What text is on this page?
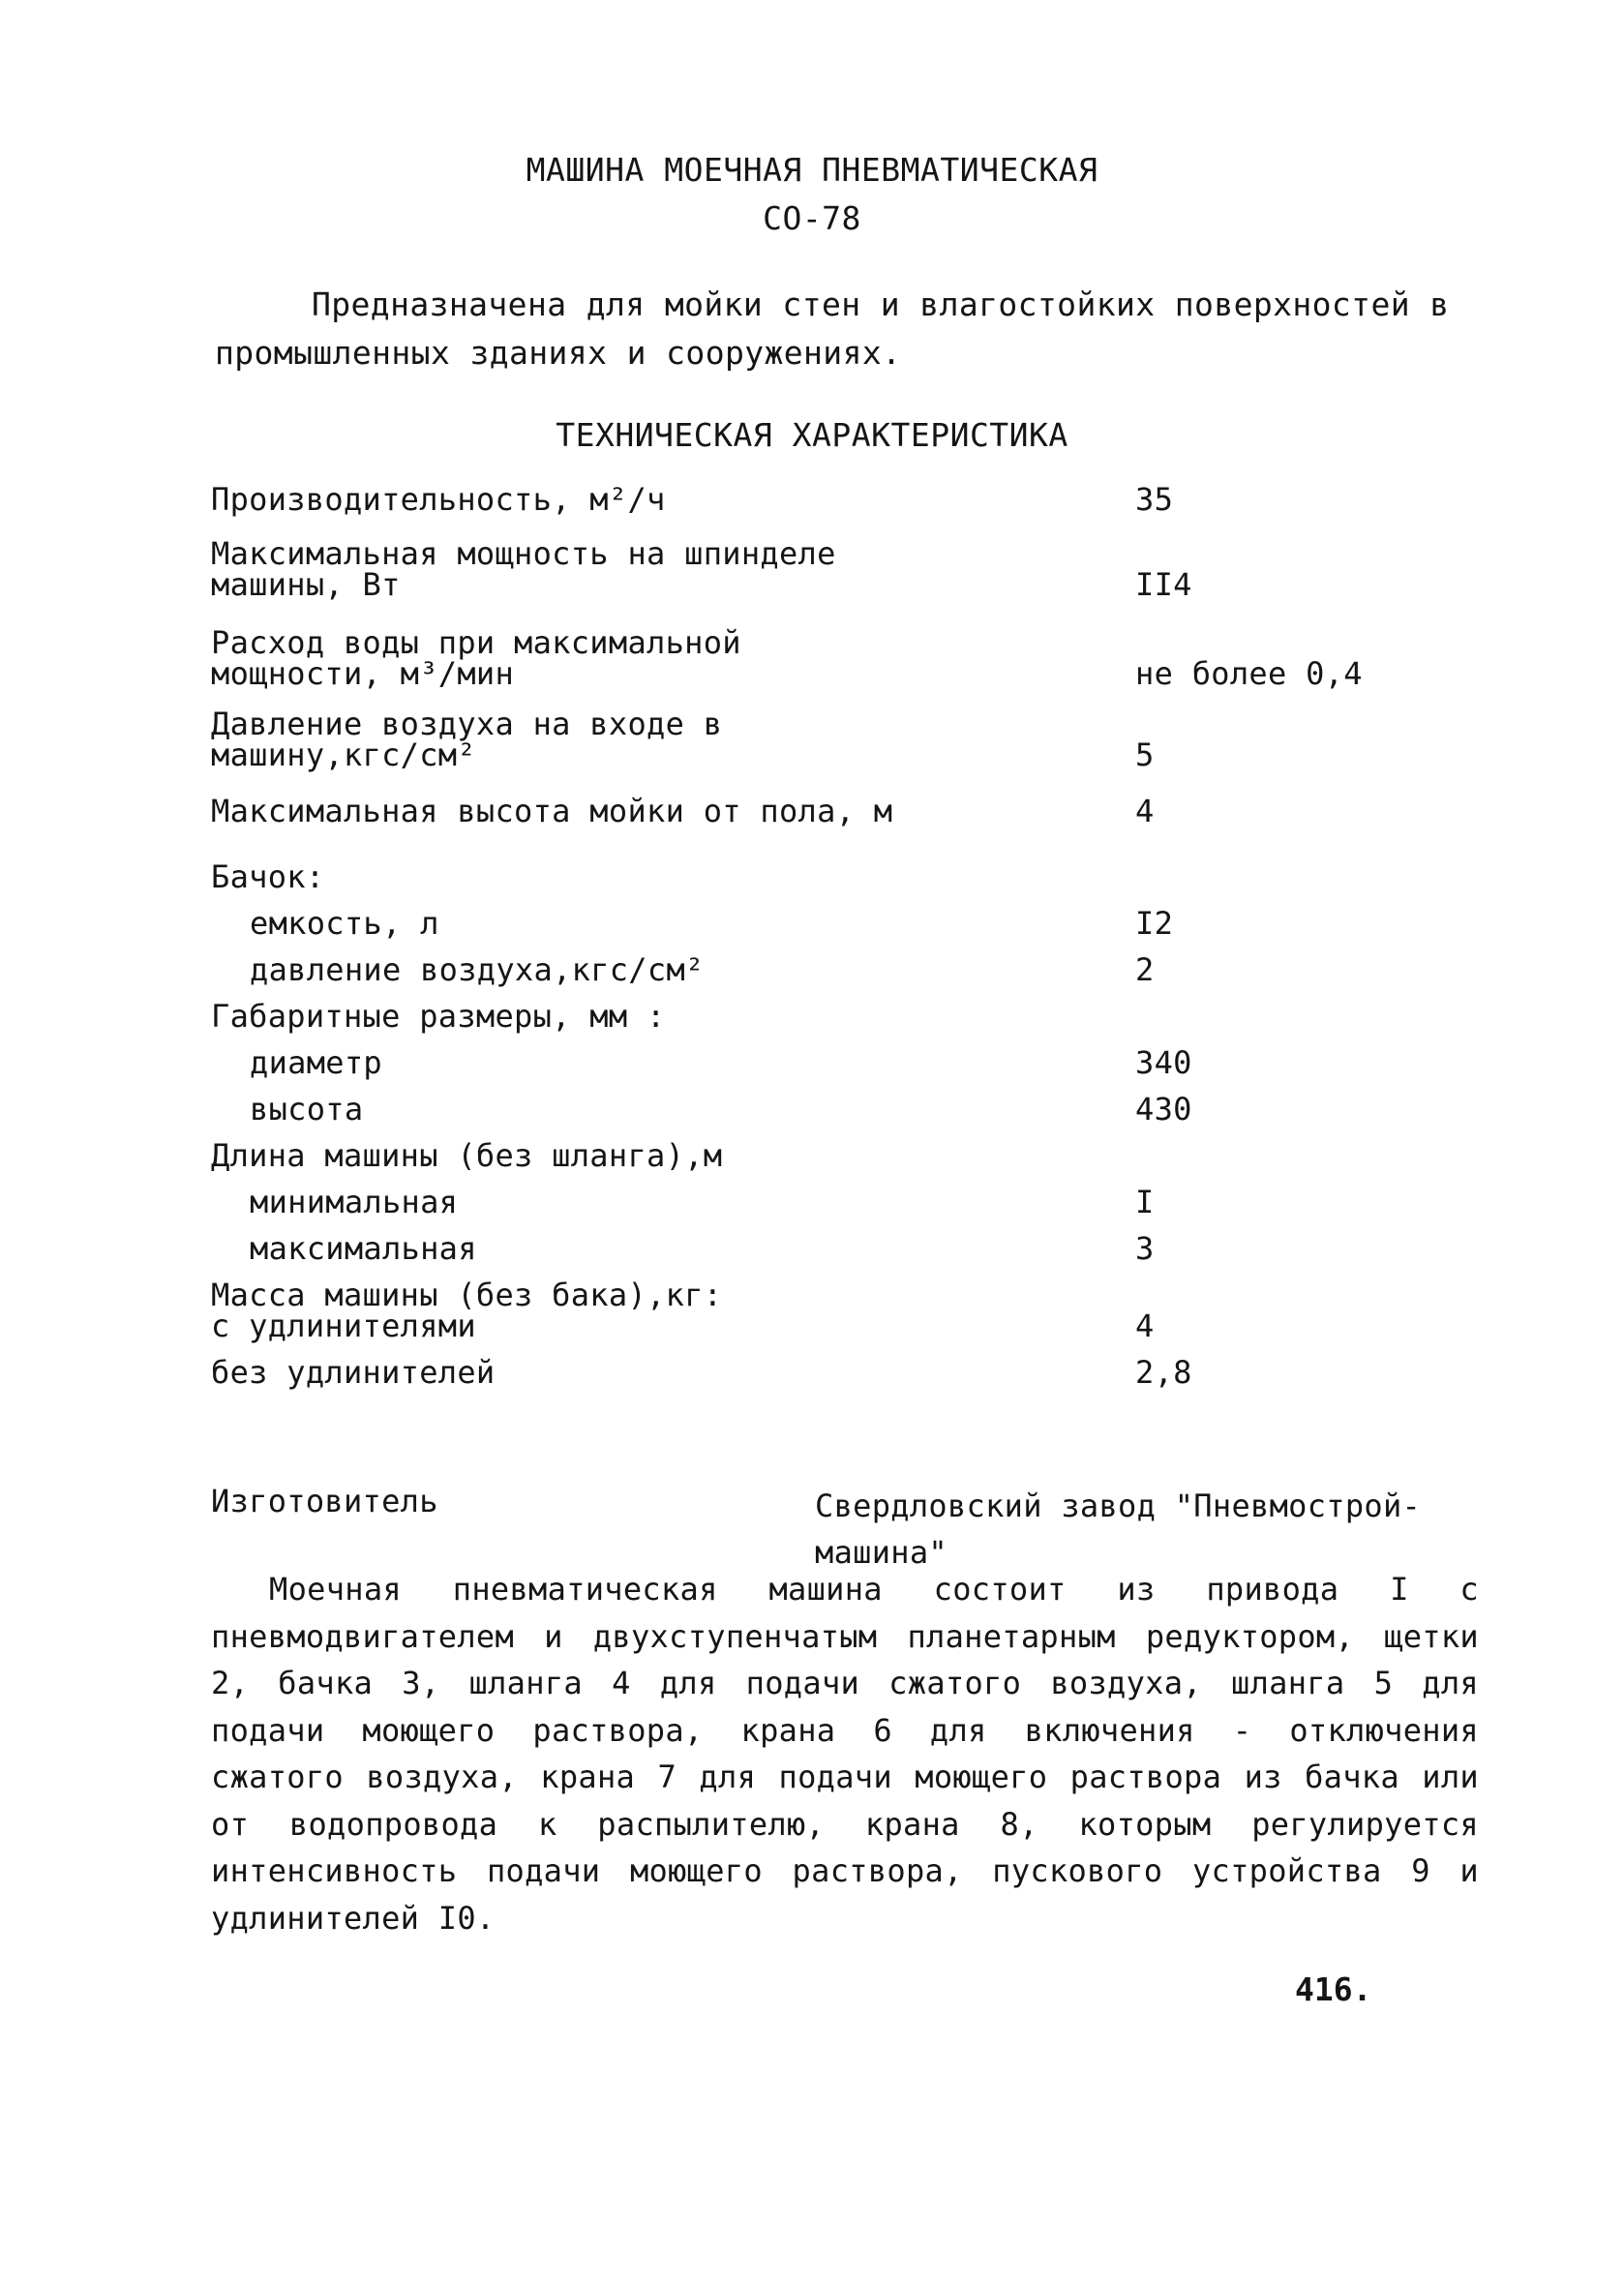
МАШИНА МОЕЧНАЯ ПНЕВМАТИЧЕСКАЯ
СО-78
Предназначена для мойки стен и влагостойких поверхностей в промышленных зданиях и сооружениях.
ТЕХНИЧЕСКАЯ ХАРАКТЕРИСТИКА
Производительность, м²/ч	35
Максимальная мощность на шпинделе
машины, Вт	II4
Расход воды при максимальной
мощности, м³/мин	не более 0,4
Давление воздуха на входе в
машину,кгс/см²	5
Максимальная высота мойки от пола, м	4
Бачок:
емкость, л	I2
давление воздуха,кгс/см²	2
Габаритные размеры, мм :
диаметр	340
высота	430
Длина машины (без шланга),м
минимальная	I
максимальная	3
Масса машины (без бака),кг:
с удлинителями	4
без удлинителей	2,8
Изготовитель	Свердловский завод "Пневмострой-машина"
Моечная пневматическая машина состоит из привода I с пневмодвигателем и двухступенчатым планетарным редуктором, щетки 2, бачка 3, шланга 4 для подачи сжатого воздуха, шланга 5 для подачи моющего раствора, крана 6 для включения - отключения сжатого воздуха, крана 7 для подачи моющего раствора из бачка или от водопровода к распылителю, крана 8, которым регулируется интенсивность подачи моющего раствора, пускового устройства 9 и удлинителей I0.
416.
